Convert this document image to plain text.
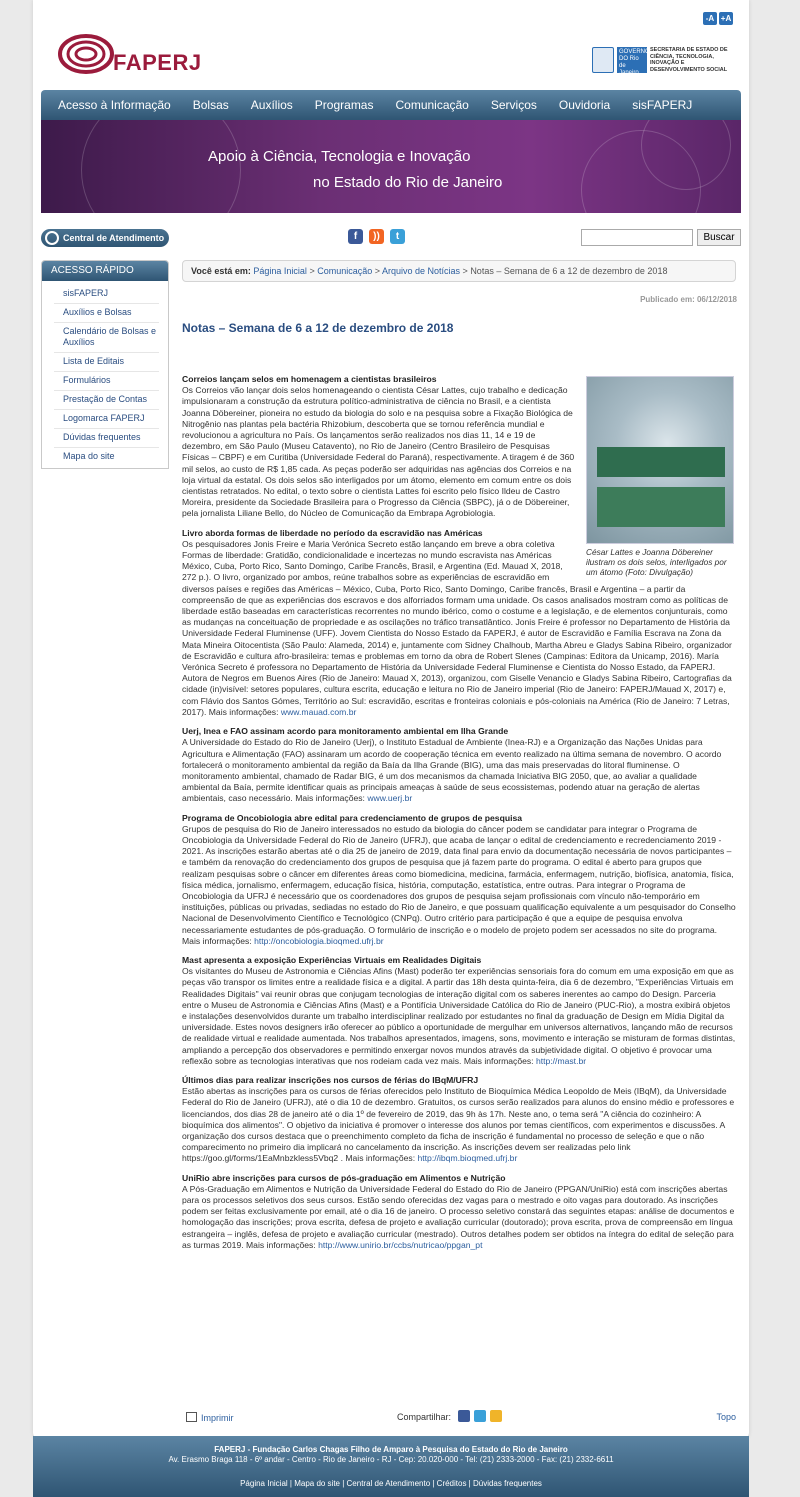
-A +A
FAPERJ	GOVERNO DO Rio de Janeiro
SECRETARIA DE ESTADO DE CIÊNCIA, TECNOLOGIA, INOVAÇÃO E DESENVOLVIMENTO SOCIAL
Acesso à Informação Bolsas Auxílios Programas Comunicação Serviços Ouvidoria sisFAPERJ
Apoio à Ciência, Tecnologia e Inovação
no Estado do Rio de Janeiro
Central de Atendimento	f	))	t	Buscar
ACESSO RÁPIDO
sisFAPERJ
Auxílios e Bolsas
Calendário de Bolsas e Auxílios
Lista de Editais
Formulários
Prestação de Contas
Logomarca FAPERJ
Dúvidas frequentes
Mapa do site
Você está em: Página Inicial > Comunicação > Arquivo de Notícias > Notas – Semana de 6 a 12 de dezembro de 2018
Publicado em: 06/12/2018
Notas – Semana de 6 a 12 de dezembro de 2018
César Lattes e Joanna Döbereiner ilustram os dois selos, interligados por um átomo (Foto: Divulgação)

Correios lançam selos em homenagem a cientistas brasileiros
Os Correios vão lançar dois selos homenageando o cientista César Lattes, cujo trabalho e dedicação impulsionaram a construção da estrutura político-administrativa de ciência no Brasil, e a cientista Joanna Döbereiner, pioneira no estudo da biologia do solo e na pesquisa sobre a Fixação Biológica de Nitrogênio nas plantas pela bactéria Rhizobium, descoberta que se tornou referência mundial e revolucionou a agricultura no País. Os lançamentos serão realizados nos dias 11, 14 e 19 de dezembro, em São Paulo (Museu Catavento), no Rio de Janeiro (Centro Brasileiro de Pesquisas Físicas – CBPF) e em Curitiba (Universidade Federal do Paraná), respectivamente. A tiragem é de 360 mil selos, ao custo de R$ 1,85 cada. As peças poderão ser adquiridas nas agências dos Correios e na loja virtual da estatal. Os dois selos são interligados por um átomo, elemento em comum entre os dois cientistas retratados. No edital, o texto sobre o cientista Lattes foi escrito pelo físico Ildeu de Castro Moreira, presidente da Sociedade Brasileira para o Progresso da Ciência (SBPC), já o de Döbereiner, pela jornalista Liliane Bello, do Núcleo de Comunicação da Embrapa Agrobiologia.

Livro aborda formas de liberdade no período da escravidão nas Américas
Os pesquisadores Jonis Freire e Maria Verónica Secreto estão lançando em breve a obra coletiva Formas de liberdade: Gratidão, condicionalidade e incertezas no mundo escravista nas Américas México, Cuba, Porto Rico, Santo Domingo, Caribe Francês, Brasil, e Argentina (Ed. Mauad X, 2018, 272 p.). O livro, organizado por ambos, reúne trabalhos sobre as experiências de escravidão em diversos países e regiões das Américas – México, Cuba, Porto Rico, Santo Domingo, Caribe francês, Brasil e Argentina – a partir da compreensão de que as experiências dos escravos e dos alforriados formam uma unidade. Os casos analisados mostram como as políticas de liberdade estão baseadas em características recorrentes no mundo ibérico, como o costume e a legislação, e de elementos conjunturais, como as mudanças na conceituação de propriedade e as oscilações no tráfico transatlântico. Jonis Freire é professor no Departamento de História da Universidade Federal Fluminense (UFF). Jovem Cientista do Nosso Estado da FAPERJ, é autor de Escravidão e Família Escrava na Zona da Mata Mineira Oitocentista (São Paulo: Alameda, 2014) e, juntamente com Sidney Chalhoub, Martha Abreu e Gladys Sabina Ribeiro, organizador de Escravidão e cultura afro-brasileira: temas e problemas em torno da obra de Robert Slenes (Campinas: Editora da Unicamp, 2016). María Verónica Secreto é professora no Departamento de História da Universidade Federal Fluminense e Cientista do Nosso Estado, da FAPERJ. Autora de Negros em Buenos Aires (Rio de Janeiro: Mauad X, 2013), organizou, com Giselle Venancio e Gladys Sabina Ribeiro, Cartografias da cidade (in)visível: setores populares, cultura escrita, educação e leitura no Rio de Janeiro imperial (Rio de Janeiro: FAPERJ/Mauad X, 2017) e, com Flávio dos Santos Gómes, Território ao Sul: escravidão, escritas e fronteiras coloniais e pós-coloniais na América (Rio de Janeiro: 7 Letras, 2017). Mais informações: www.mauad.com.br

Uerj, Inea e FAO assinam acordo para monitoramento ambiental em Ilha Grande
A Universidade do Estado do Rio de Janeiro (Uerj), o Instituto Estadual de Ambiente (Inea-RJ) e a Organização das Nações Unidas para Agricultura e Alimentação (FAO) assinaram um acordo de cooperação técnica em evento realizado na última semana de novembro. O acordo fortalecerá o monitoramento ambiental da região da Baía da Ilha Grande (BIG), uma das mais preservadas do litoral fluminense. O monitoramento ambiental, chamado de Radar BIG, é um dos mecanismos da chamada Iniciativa BIG 2050, que, ao avaliar a qualidade ambiental da Baía, permite identificar quais as principais ameaças à saúde de seus ecossistemas, podendo atuar na geração de alertas ambientais, caso necessário. Mais informações: www.uerj.br

Programa de Oncobiologia abre edital para credenciamento de grupos de pesquisa
Grupos de pesquisa do Rio de Janeiro interessados no estudo da biologia do câncer podem se candidatar para integrar o Programa de Oncobiologia da Universidade Federal do Rio de Janeiro (UFRJ), que acaba de lançar o edital de credenciamento e recredenciamento 2019 - 2021. As inscrições estarão abertas até o dia 25 de janeiro de 2019, data final para envio da documentação necessária de novos participantes – e também da renovação do credenciamento dos grupos de pesquisa que já fazem parte do programa. O edital é aberto para grupos que realizam pesquisas sobre o câncer em diferentes áreas como biomedicina, medicina, farmácia, enfermagem, nutrição, biofísica, anatomia, física, física médica, jornalismo, enfermagem, educação física, história, computação, estatística, entre outras. Para integrar o Programa de Oncobiologia da UFRJ é necessário que os coordenadores dos grupos de pesquisa sejam profissionais com vínculo não-temporário em instituições, públicas ou privadas, sediadas no estado do Rio de Janeiro, e que possuam qualificação equivalente a um pesquisador do Conselho Nacional de Desenvolvimento Científico e Tecnológico (CNPq). Outro critério para participação é que a equipe de pesquisa envolva necessariamente estudantes de pós-graduação. O formulário de inscrição e o modelo de projeto podem ser acessados no site do programa. Mais informações: http://oncobiologia.bioqmed.ufrj.br

Mast apresenta a exposição Experiências Virtuais em Realidades Digitais
Os visitantes do Museu de Astronomia e Ciências Afins (Mast) poderão ter experiências sensoriais fora do comum em uma exposição em que as peças vão transpor os limites entre a realidade física e a digital. A partir das 18h desta quinta-feira, dia 6 de dezembro, "Experiências Virtuais em Realidades Digitais" vai reunir obras que conjugam tecnologias de interação digital com os saberes inerentes ao campo do Design. Parceria entre o Museu de Astronomia e Ciências Afins (Mast) e a Pontifícia Universidade Católica do Rio de Janeiro (PUC-Rio), a mostra exibirá objetos e instalações desenvolvidos durante um trabalho interdisciplinar realizado por estudantes no final da graduação de Design em Mídia Digital da universidade. Estes novos designers irão oferecer ao público a oportunidade de mergulhar em universos alternativos, lançando mão de recursos de realidade virtual e realidade aumentada. Nos trabalhos apresentados, imagens, sons, movimento e interação se misturam de formas distintas, ampliando a percepção dos observadores e permitindo enxergar novos mundos através da subjetividade digital. O objetivo é provocar uma reflexão sobre as tecnologias interativas que nos rodeiam cada vez mais. Mais informações: http://mast.br

Últimos dias para realizar inscrições nos cursos de férias do IBqM/UFRJ
Estão abertas as inscrições para os cursos de férias oferecidos pelo Instituto de Bioquímica Médica Leopoldo de Meis (IBqM), da Universidade Federal do Rio de Janeiro (UFRJ), até o dia 10 de dezembro. Gratuitos, os cursos serão realizados para alunos do ensino médio e professores e licenciandos, dos dias 28 de janeiro até o dia 1º de fevereiro de 2019, das 9h às 17h. Neste ano, o tema será "A ciência do cozinheiro: A bioquímica dos alimentos". O objetivo da iniciativa é promover o interesse dos alunos por temas científicos, com experimentos e discussões. A organização dos cursos destaca que o preenchimento completo da ficha de inscrição é fundamental no processo de seleção e que o não comparecimento no primeiro dia implicará no cancelamento da inscrição. As inscrições devem ser realizadas pelo link https://goo.gl/forms/1EaMnbzkless5Vbq2 . Mais informações: http://ibqm.bioqmed.ufrj.br

UniRio abre inscrições para cursos de pós-graduação em Alimentos e Nutrição
A Pós-Graduação em Alimentos e Nutrição da Universidade Federal do Estado do Rio de Janeiro (PPGAN/UniRio) está com inscrições abertas para os processos seletivos dos seus cursos. Estão sendo oferecidas dez vagas para o mestrado e oito vagas para doutorado. As inscrições podem ser feitas exclusivamente por email, até o dia 16 de janeiro. O processo seletivo constará das seguintes etapas: análise de documentos e homologação das inscrições; prova escrita, defesa de projeto e avaliação curricular (doutorado); prova escrita, prova de compreensão em língua estrangeira – inglês, defesa de projeto e avaliação curricular (mestrado). Outros detalhes podem ser obtidos na íntegra do edital de seleção para as turmas 2019. Mais informações: http://www.unirio.br/ccbs/nutricao/ppgan_pt

Imprimir	Compartilhar:	Topo
FAPERJ - Fundação Carlos Chagas Filho de Amparo à Pesquisa do Estado do Rio de Janeiro
Av. Erasmo Braga 118 - 6º andar - Centro - Rio de Janeiro - RJ - Cep: 20.020-000 - Tel: (21) 2333-2000 - Fax: (21) 2332-6611
Página Inicial | Mapa do site | Central de Atendimento | Créditos | Dúvidas frequentes
